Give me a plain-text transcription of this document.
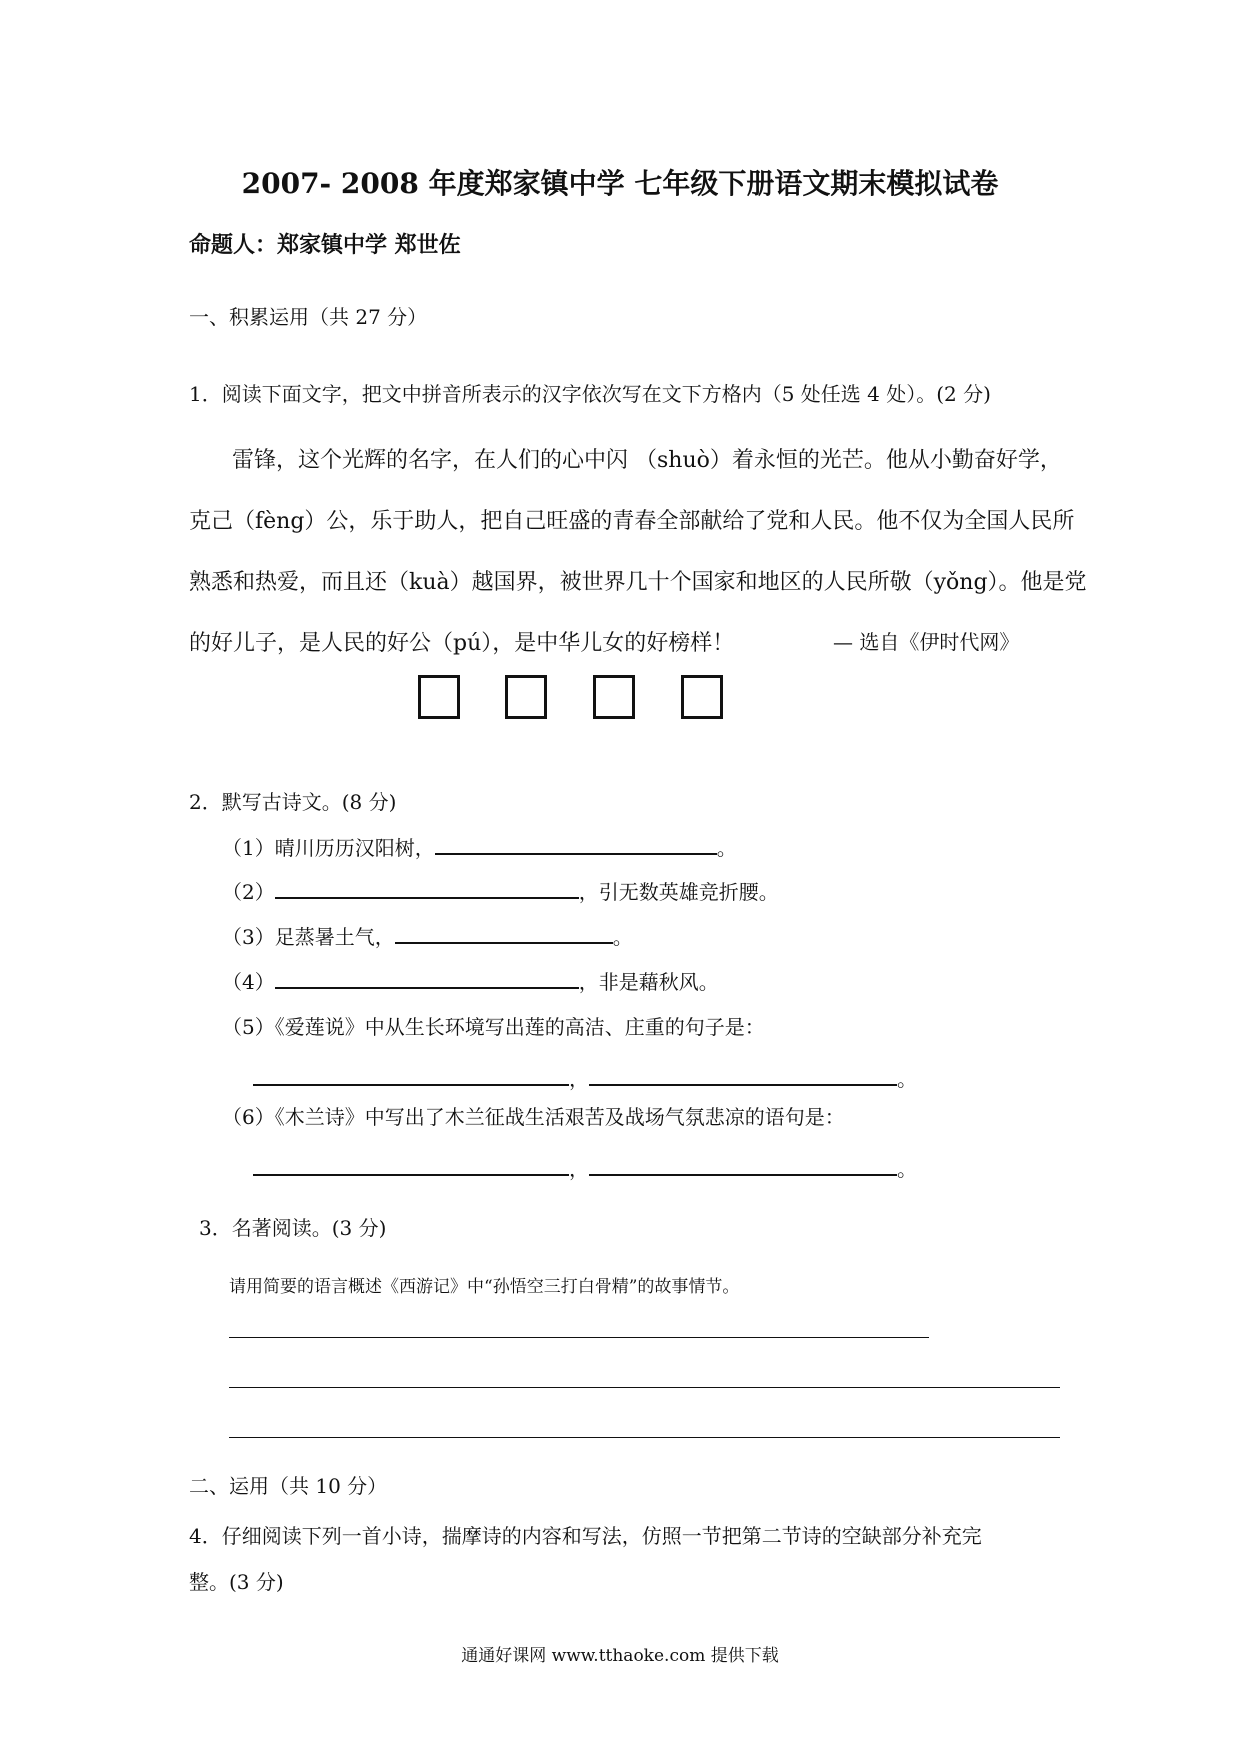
2007- 2008 年度郑家镇中学 七年级下册语文期末模拟试卷
命题人：郑家镇中学 郑世佐
一、积累运用（共 27 分）
1．阅读下面文字，把文中拼音所表示的汉字依次写在文下方格内（5 处任选 4 处）。(2 分)
雷锋，这个光辉的名字，在人们的心中闪 （shuò）着永恒的光芒。他从小勤奋好学，
克己（fèng）公，乐于助人，把自己旺盛的青春全部献给了党和人民。他不仅为全国人民所
熟悉和热爱，而且还（kuà）越国界，被世界几十个国家和地区的人民所敬（yǒng）。他是党
的好儿子，是人民的好公（pú），是中华儿女的好榜样！	— 选自《伊时代网》
2．默写古诗文。(8 分)
（1）晴川历历汉阳树，	。
（2）	，引无数英雄竞折腰。
（3）足蒸暑土气，	。
（4）	，非是藉秋风。
（5）《爱莲说》中从生长环境写出莲的高洁、庄重的句子是：
，	。
（6）《木兰诗》中写出了木兰征战生活艰苦及战场气氛悲凉的语句是：
，	。
3．名著阅读。(3 分)
请用简要的语言概述《西游记》中“孙悟空三打白骨精”的故事情节。
二、运用（共 10 分）
4．仔细阅读下列一首小诗，揣摩诗的内容和写法，仿照一节把第二节诗的空缺部分补充完
整。(3 分)
通通好课网 www.tthaoke.com 提供下载
